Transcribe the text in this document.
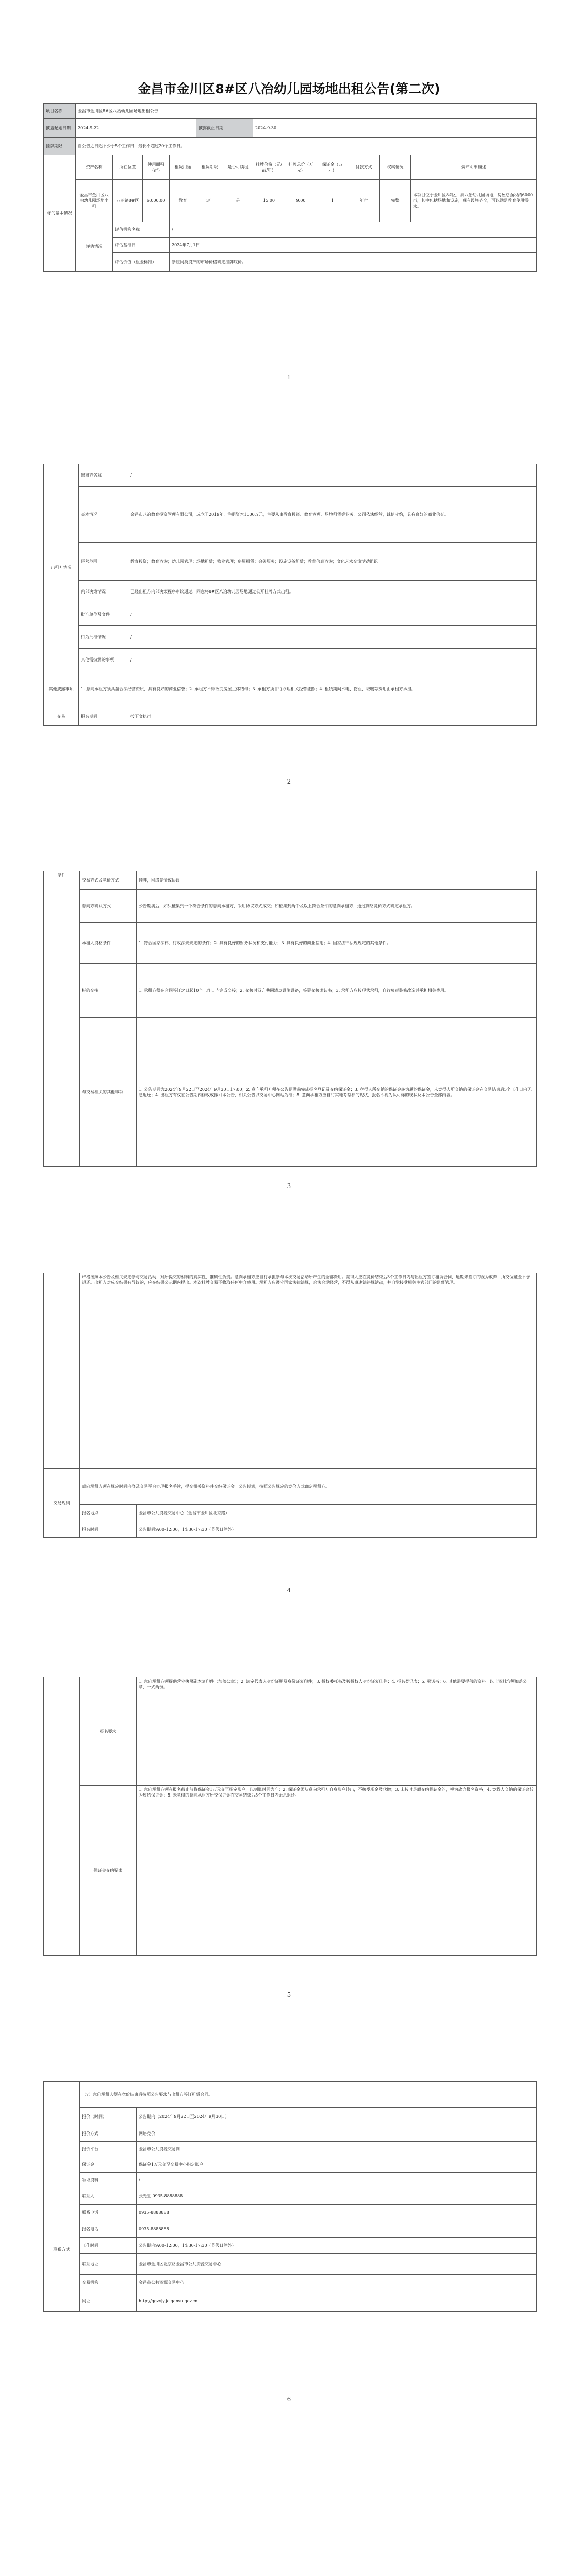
金昌市金川区8#区八冶幼儿园场地出租公告(第二次)
项目名称	金昌市金川区8#区八冶幼儿园场地出租公告											
披露起始日期	2024-9-22				披露截止日期		2024-9-30					
挂牌期限	自公告之日起不少于5个工作日，最长不超过20个工作日。											
标的基本情况	资产名称	所在位置	使用面积（㎡）	租赁用途	租赁期限	是否可续租	挂牌价格（元/㎡/年）	挂牌总价（万元）	保证金（万元）	付款方式	权属情况	资产明细描述
	金昌市金川区八冶幼儿园场地出租	八冶路8#区	6,000.00	教育	3年	是	15.00	9.00	1	年付	完整	本项目位于金川区8#区，属八冶幼儿园场地，房屋总面积约6000㎡，其中包括场地和设施，现有设施齐全，可以满足教育使用需求。
	评估情况	评估机构名称		/								
		评估基准日		2024年7月1日								
		评估价值（租金标准）		参照同类资产的市场价格确定挂牌底价。								
1
出租方情况	出租方名称	/
	基本情况	金昌市八冶教育投资管理有限公司，成立于2019年，注册资本1000万元，主要从事教育投资、教育管理、场地租赁等业务。公司依法经营，诚信守约，具有良好的商业信誉。
	经营范围	教育投资；教育咨询；幼儿园管理；场地租赁；物业管理；房屋租赁；会务服务；设施设备租赁；教育信息咨询；文化艺术交流活动组织。
	内部决策情况	已经出租方内部决策程序审议通过，同意将8#区八冶幼儿园场地通过公开挂牌方式出租。
	批准单位及文件	/
	行为批准情况	/
	其他需披露的事项	/
其他披露事项	1. 意向承租方须具备合法经营资质，具有良好的商业信誉；2. 承租方不得改变房屋主体结构；3. 承租方须自行办理相关经营证照；4. 租赁期间水电、物业、取暖等费用由承租方承担。	
交易	报名期间	按下文执行
2
条件	交易方式及竞价方式	挂牌，网络竞价或协议
	意向方确认方式	公告期满后，如只征集到一个符合条件的意向承租方，采用协议方式成交；如征集到两个及以上符合条件的意向承租方，通过网络竞价方式确定承租方。
	承租人资格条件	1. 符合国家法律、行政法规规定的条件；2. 具有良好的财务状况和支付能力；3. 具有良好的商业信用；4. 国家法律法规规定的其他条件。
	标的交接	1. 承租方须在合同签订之日起10个工作日内完成交接；2. 交接时双方共同清点设施设备，签署交接确认书；3. 承租方应按现状承租，自行负责装修改造并承担相关费用。
	与交易相关的其他事项	1. 公告期间为2024年9月22日至2024年9月30日17:00；2. 意向承租方须在公告期满前完成报名登记及交纳保证金；3. 竞得人所交纳的保证金转为履约保证金，未竞得人所交纳的保证金在交易结束后5个工作日内无息退还；4. 出租方有权在公告期内修改或撤回本公告，相关公告以交易中心网站为准；5. 意向承租方应自行实地考察标的现状，报名即视为认可标的现状及本公告全部内容。
3
	严格按照本公告及相关规定参与交易活动，对所提交的材料的真实性、准确性负责。意向承租方应自行承担参与本次交易活动所产生的全部费用。竞得人应在竞价结束后3个工作日内与出租方签订租赁合同，逾期未签订的视为放弃，所交保证金不予退还。出租方对成交结果有异议的，应在结果公示期内提出。本次挂牌交易不收取任何中介费用。承租方应遵守国家法律法规，合法合规经营，不得从事违法违规活动，并自觉接受相关主管部门的监督管理。	
交易规则	意向承租方须在规定时间内登录交易平台办理报名手续，提交相关资料并交纳保证金。公告期满，按照公告规定的竞价方式确定承租方。	
	报名地点	金昌市公共资源交易中心（金昌市金川区北京路）
	报名时间	公告期间9:00-12:00，14:30-17:30（节假日除外）
4
	报名要求	1. 意向承租方须提供营业执照副本复印件（加盖公章）；2. 法定代表人身份证明及身份证复印件；3. 授权委托书及被授权人身份证复印件；4. 报名登记表；5. 承诺书；6. 其他需要提供的资料。以上资料均须加盖公章，一式两份。
	保证金交纳要求	1. 意向承租方须在报名截止前将保证金1万元交至指定账户，以到账时间为准；2. 保证金须从意向承租方自身账户转出，不接受现金及代缴；3. 未按时足额交纳保证金的，视为放弃报名资格；4. 竞得人交纳的保证金转为履约保证金；5. 未竞得的意向承租方所交保证金在交易结束后5个工作日内无息退还。
5
	（7）意向承租人须在竞价结束后按照公告要求与出租方签订租赁合同。	
	报价（时间）	公告期内（2024年9月22日至2024年9月30日）
	报价方式	网络竞价
	报价平台	金昌市公共资源交易网
	保证金	保证金1万元交至交易中心指定账户
	领取资料	/
联系方式	联系人	张先生 0935-8888888
	联系电话	0935-8888888
	报名电话	0935-8888888
	工作时间	公告期内9:00-12:00，14:30-17:30（节假日除外）
	联系地址	金昌市金川区北京路金昌市公共资源交易中心
	交易机构	金昌市公共资源交易中心
	网址	http://ggzyjy.jc.gansu.gov.cn
6
